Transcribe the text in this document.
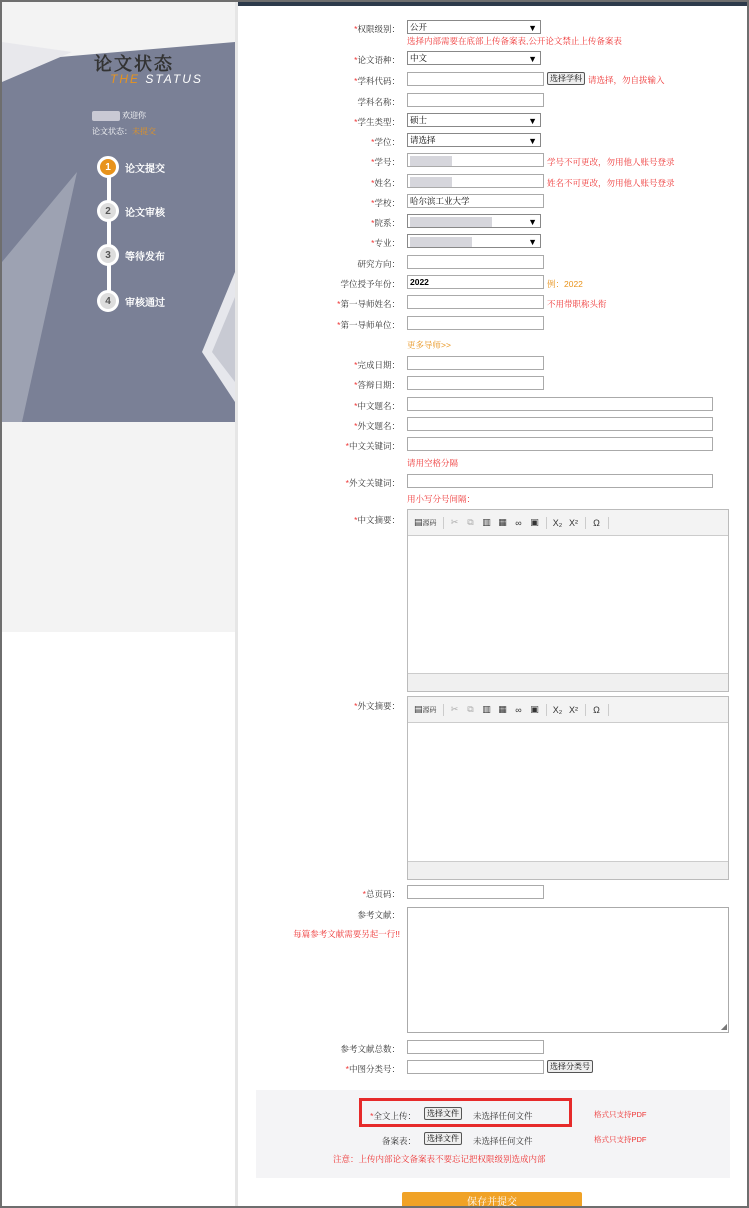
论文状态
THE STATUS
欢迎你
论文状态：未提交
1	论文提交
2	论文审核
3	等待发布
4	审核通过
*权限级别：	公开	▼
选择内部需要在底部上传备案表,公开论文禁止上传备案表
*论文语种：	中文	▼
*学科代码：	选择学科 请选择，勿自拔输入
学科名称：
*学生类型：	硕士	▼
*学位：	请选择	▼
*学号：	学号不可更改，勿用他人账号登录
*姓名：	姓名不可更改，勿用他人账号登录
*学校：	哈尔滨工业大学
*院系：	▼
*专业：	▼
研究方向：
学位授予年份：	2022	例：2022
*第一导师姓名：	不用带职称头衔
*第一导师单位：
更多导师>>
*完成日期：
*答辩日期：
*中文题名：
*外文题名：
*中文关键词：
请用空格分隔
*外文关键词：
用小写分号间隔：
*中文摘要： ▤源码 ✂ ⧉ ▥ ▦ ∞ ▣ X₂ X² Ω
*外文摘要： ▤源码 ✂ ⧉ ▥ ▦ ∞ ▣ X₂ X² Ω
*总页码：
参考文献：
每篇参考文献需要另起一行!!
◢
参考文献总数：
*中图分类号：	选择分类号
*全文上传：	选择文件	未选择任何文件	格式只支持PDF
备案表：	选择文件	未选择任何文件	格式只支持PDF
注意：上传内部论文备案表不要忘记把权限级别选成内部
保存并提交
